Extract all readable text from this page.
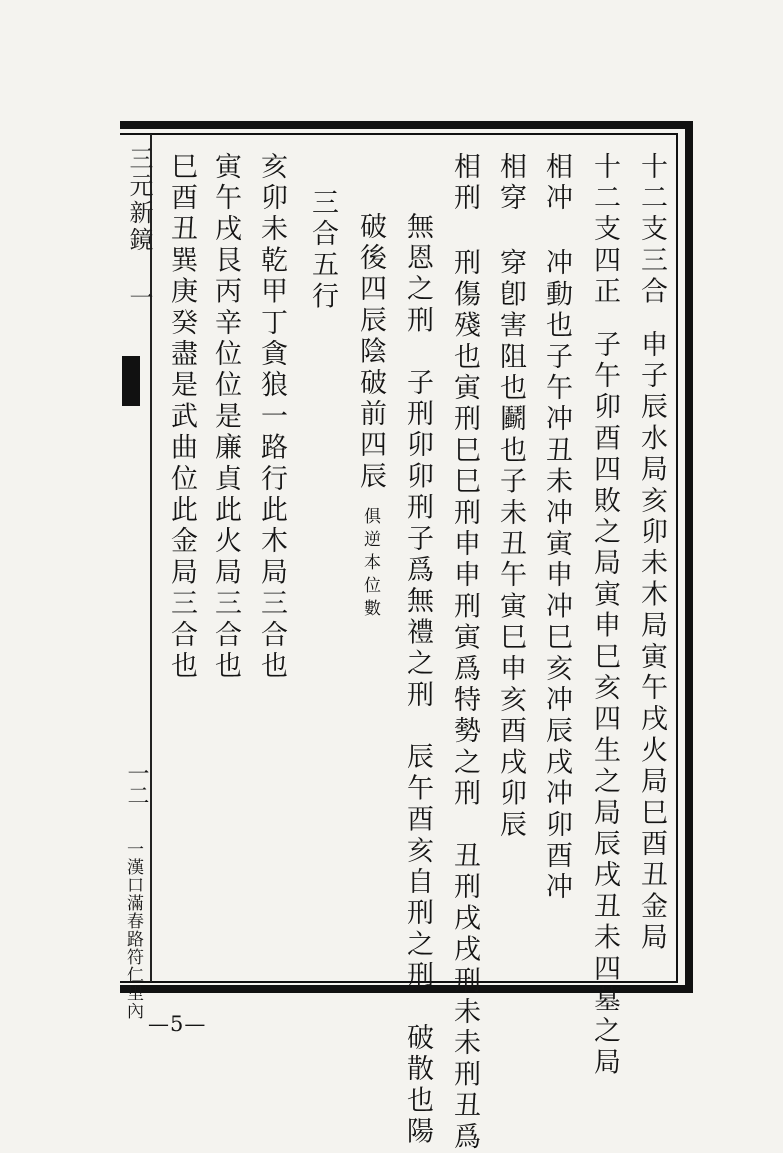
三元新鏡 一
一二
一漢口滿春路符仁里內
十二支三合申子辰水局亥卯未木局寅午戌火局巳酉丑金局
十二支四正子午卯酉四敗之局寅申巳亥四生之局辰戌丑未四墓之局
相冲冲動也子午冲丑未冲寅申冲巳亥冲辰戌冲卯酉冲
相穿穿卽害阻也鬬也子未丑午寅巳申亥酉戌卯辰
相刑刑傷殘也寅刑巳巳刑申申刑寅爲特勢之刑　丑刑戌戌刑未未刑丑爲
無恩之刑　子刑卯卯刑子爲無禮之刑　辰午酉亥自刑之刑　破散也陽
破後四辰陰破前四辰俱逆本位數
三合五行
亥卯未乾甲丁貪狼一路行此木局三合也
寅午戌艮丙辛位位是廉貞此火局三合也
巳酉丑巽庚癸盡是武曲位此金局三合也
—5—
